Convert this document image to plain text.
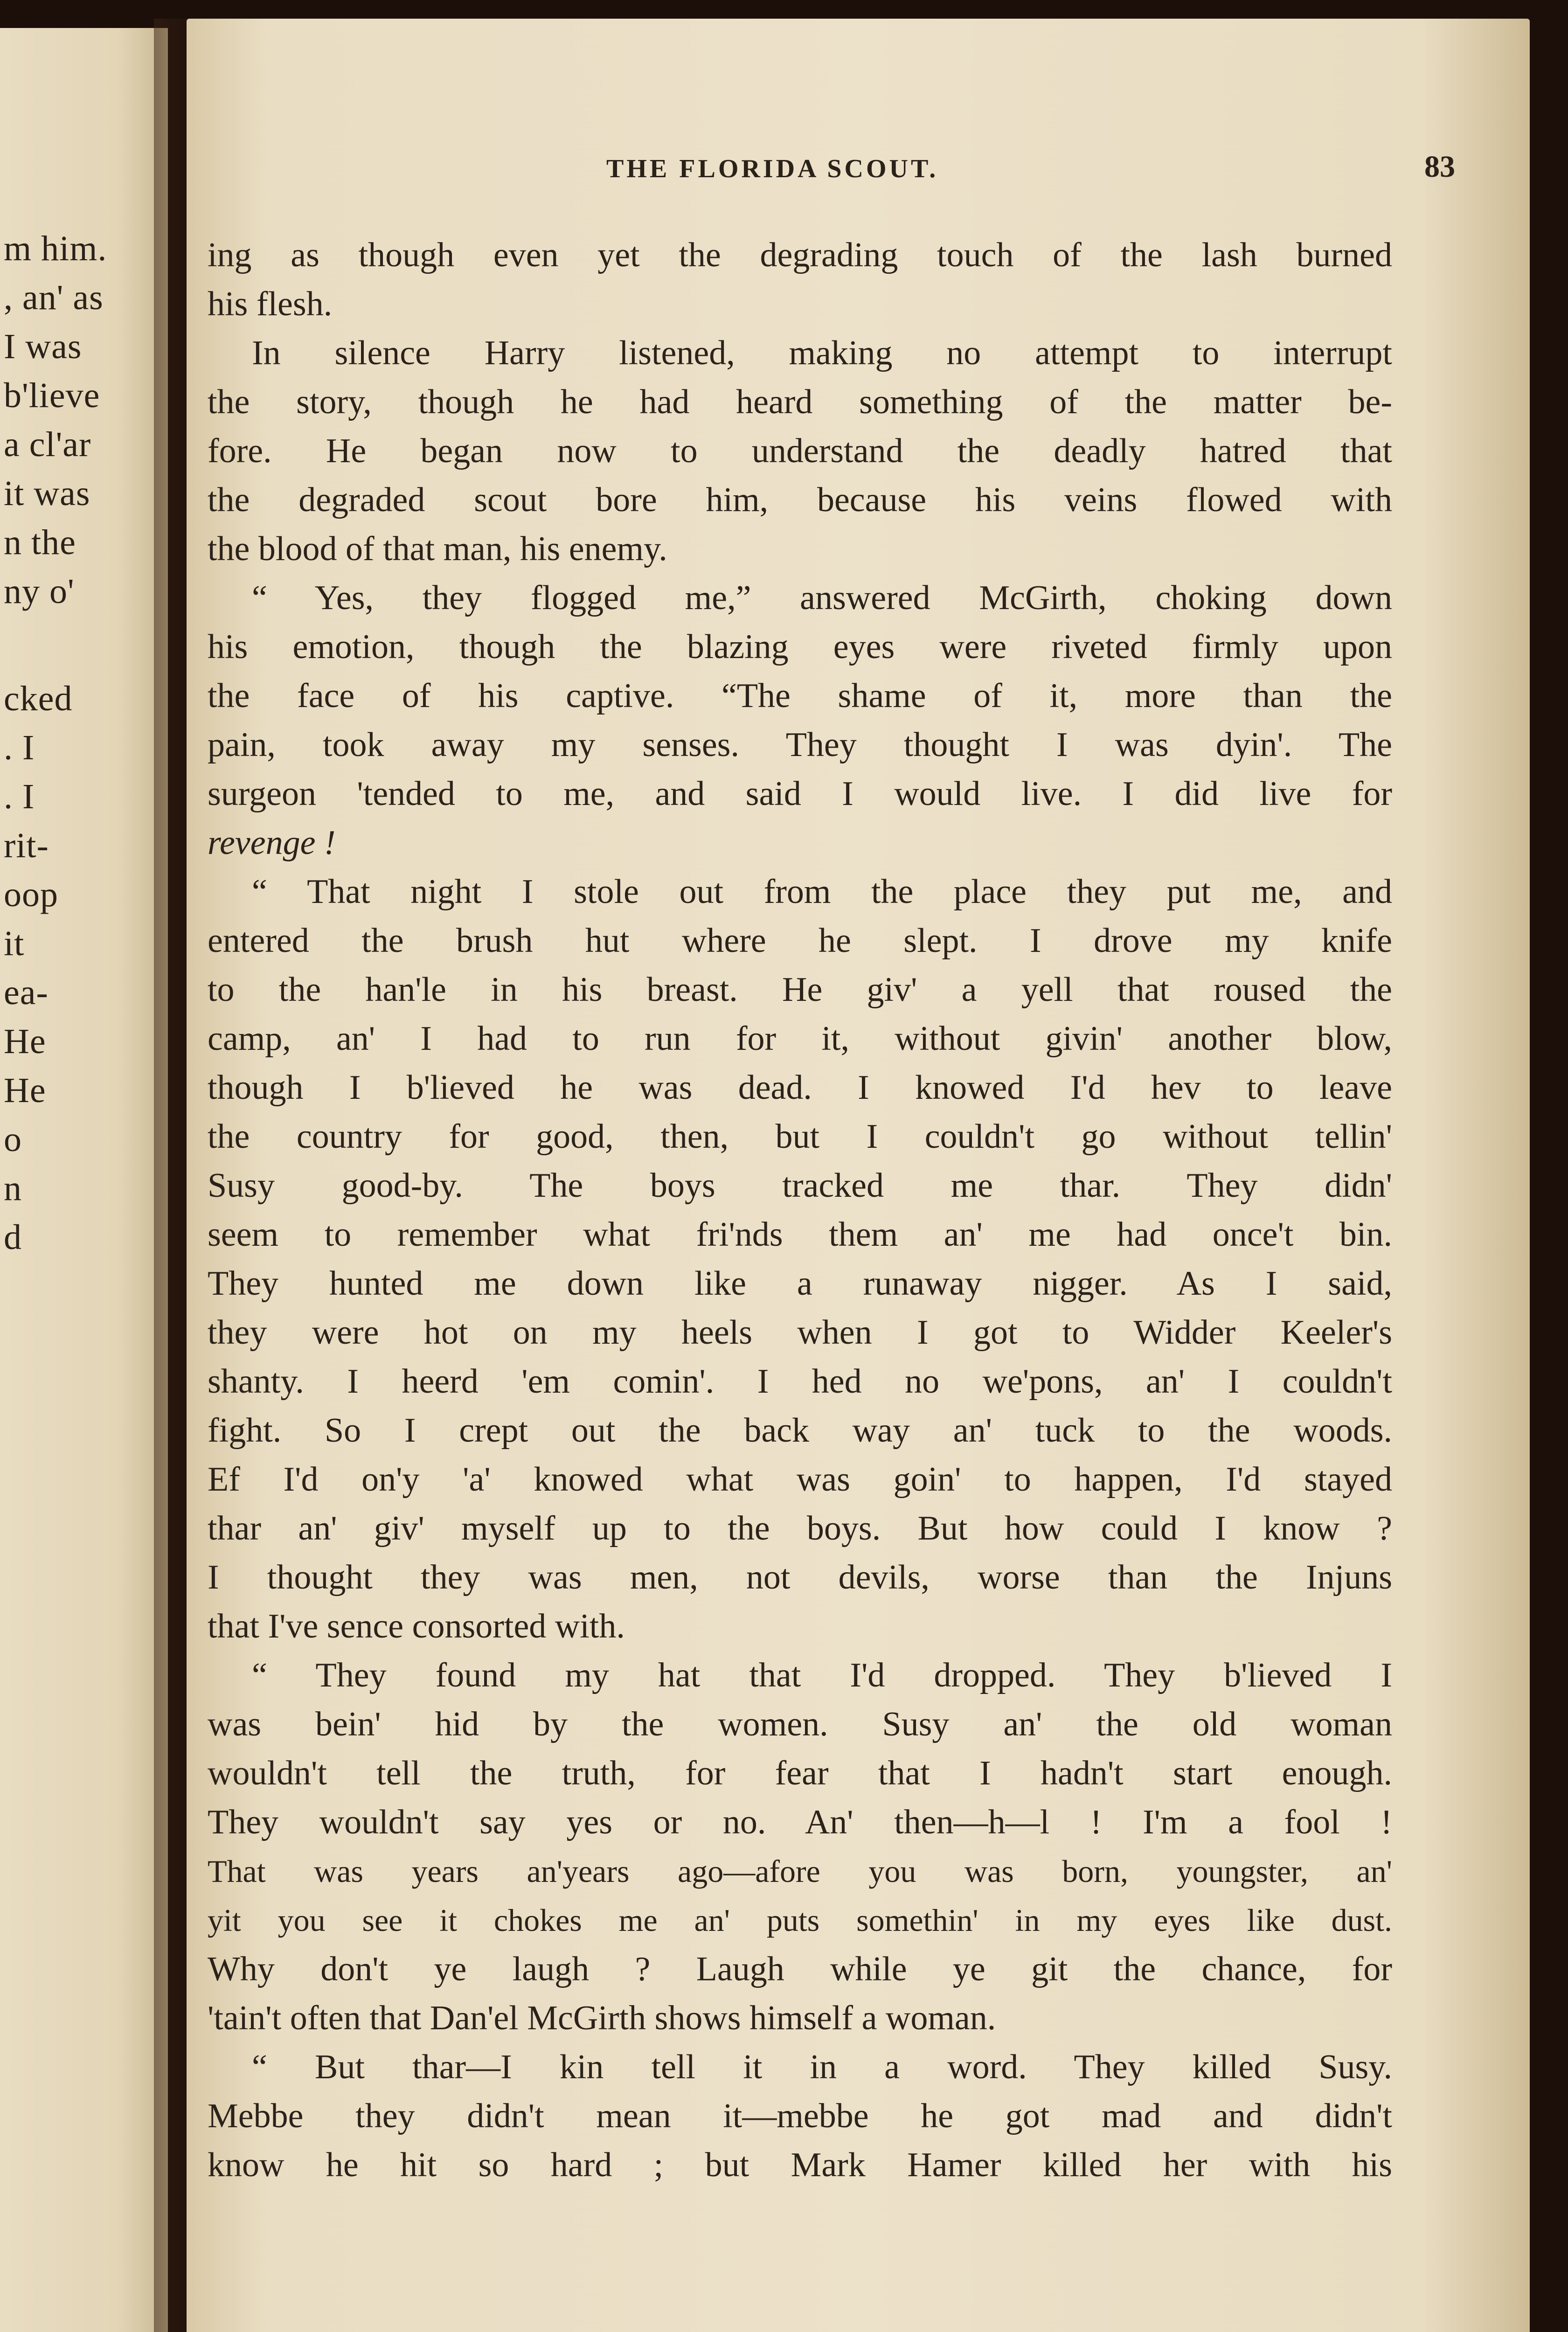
m him.
, an' as
I was
b'lieve
a cl'ar
it was
n the
ny o'
cked
. I
. I
rit-
oop
it
ea-
He
He
o
n
d
THE FLORIDA SCOUT.	83
ing as though even yet the degrading touch of the lash burned
his flesh.
In silence Harry listened, making no attempt to interrupt
the story, though he had heard something of the matter be-
fore. He began now to understand the deadly hatred that
the degraded scout bore him, because his veins flowed with
the blood of that man, his enemy.
“ Yes, they flogged me,” answered McGirth, choking down
his emotion, though the blazing eyes were riveted firmly upon
the face of his captive. “The shame of it, more than the
pain, took away my senses. They thought I was dyin'. The
surgeon 'tended to me, and said I would live. I did live for
revenge !
“ That night I stole out from the place they put me, and
entered the brush hut where he slept. I drove my knife
to the han'le in his breast. He giv' a yell that roused the
camp, an' I had to run for it, without givin' another blow,
though I b'lieved he was dead. I knowed I'd hev to leave
the country for good, then, but I couldn't go without tellin'
Susy good-by. The boys tracked me thar. They didn'
seem to remember what fri'nds them an' me had once't bin.
They hunted me down like a runaway nigger. As I said,
they were hot on my heels when I got to Widder Keeler's
shanty. I heerd 'em comin'. I hed no we'pons, an' I couldn't
fight. So I crept out the back way an' tuck to the woods.
Ef I'd on'y 'a' knowed what was goin' to happen, I'd stayed
thar an' giv' myself up to the boys. But how could I know ?
I thought they was men, not devils, worse than the Injuns
that I've sence consorted with.
“ They found my hat that I'd dropped. They b'lieved I
was bein' hid by the women. Susy an' the old woman
wouldn't tell the truth, for fear that I hadn't start enough.
They wouldn't say yes or no. An' then—h—l ! I'm a fool !
That was years an'years ago—afore you was born, youngster, an'
yit you see it chokes me an' puts somethin' in my eyes like dust.
Why don't ye laugh ? Laugh while ye git the chance, for
'tain't often that Dan'el McGirth shows himself a woman.
“ But thar—I kin tell it in a word. They killed Susy.
Mebbe they didn't mean it—mebbe he got mad and didn't
know he hit so hard ; but Mark Hamer killed her with his
